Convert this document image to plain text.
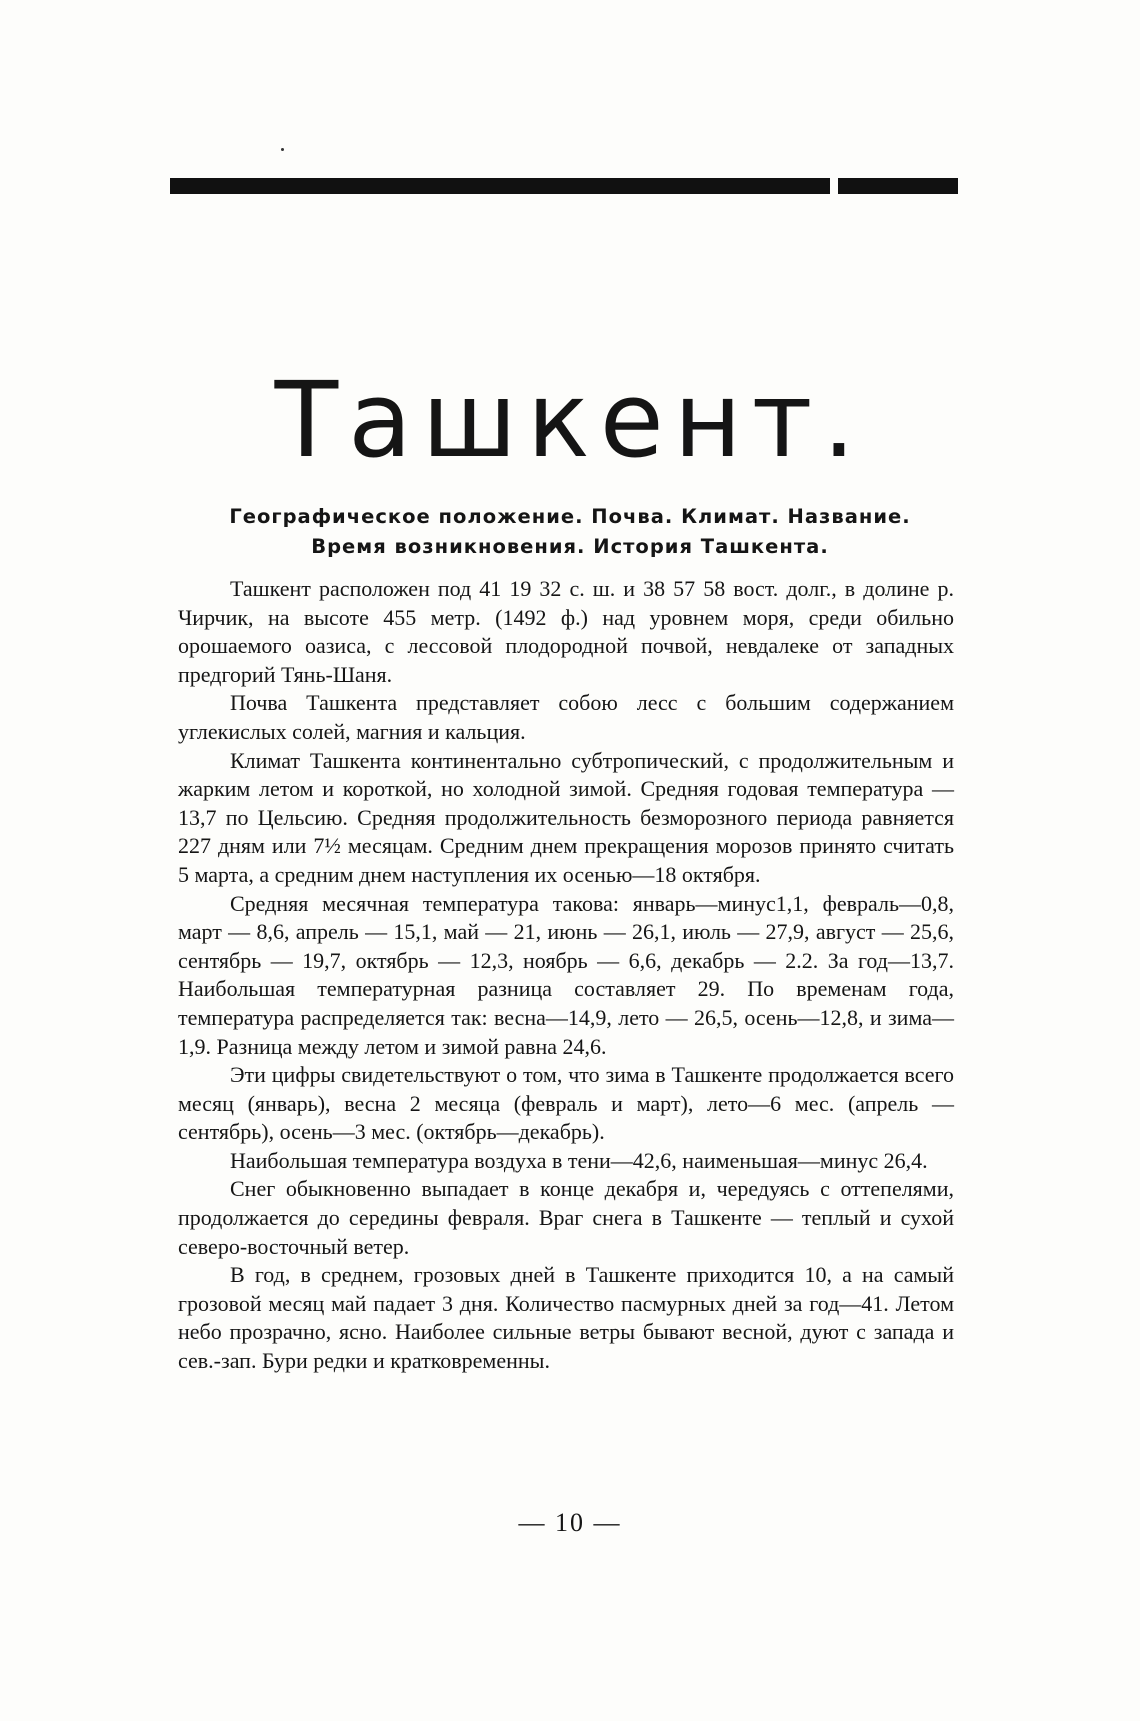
Ташкент.
Географическое положение. Почва. Климат. Название.
Время возникновения. История Ташкента.

Ташкент расположен под 41 19 32 с. ш. и 38 57 58 вост. долг., в долине р. Чирчик, на высоте 455 метр. (1492 ф.) над уровнем моря, среди обильно орошаемого оазиса, с лессовой плодородной почвой, невдалеке от западных предгорий Тянь-Шаня.

Почва Ташкента представляет собою лесс с большим содержанием углекислых солей, магния и кальция.

Климат Ташкента континентально субтропический, с продолжительным и жарким летом и короткой, но холодной зимой. Средняя годовая температура — 13,7 по Цельсию. Средняя продолжительность безморозного периода равняется 227 дням или 7½ месяцам. Средним днем прекращения морозов принято считать 5 марта, а средним днем наступления их осенью—18 октября.

Средняя месячная температура такова: январь—минус1,1, февраль—0,8, март — 8,6, апрель — 15,1, май — 21, июнь — 26,1, июль — 27,9, август — 25,6, сентябрь — 19,7, октябрь — 12,3, ноябрь — 6,6, декабрь — 2.2. За год—13,7. Наибольшая температурная разница составляет 29. По временам года, температура распределяется так: весна—14,9, лето — 26,5, осень—12,8, и зима—1,9. Разница между летом и зимой равна 24,6.

Эти цифры свидетельствуют о том, что зима в Ташкенте продолжается всего месяц (январь), весна 2 месяца (февраль и март), лето—6 мес. (апрель —сентябрь), осень—3 мес. (октябрь—декабрь).

Наибольшая температура воздуха в тени—42,6, наименьшая—минус 26,4.

Снег обыкновенно выпадает в конце декабря и, чередуясь с оттепелями, продолжается до середины февраля. Враг снега в Ташкенте — теплый и сухой северо-восточный ветер.

В год, в среднем, грозовых дней в Ташкенте приходится 10, а на самый грозовой месяц май падает 3 дня. Количество пасмурных дней за год—41. Летом небо прозрачно, ясно. Наиболее сильные ветры бывают весной, дуют с запада и сев.-зап. Бури редки и кратковременны.

— 10 —
